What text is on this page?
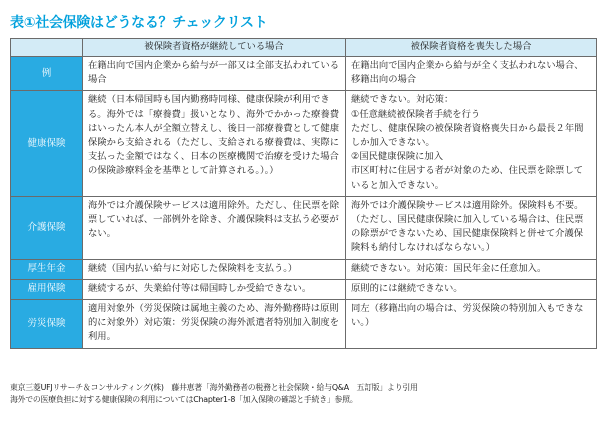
表①社会保険はどうなる？チェックリスト
	被保険者資格が継続している場合	被保険者資格を喪失した場合
例	在籍出向で国内企業から給与が一部又は全部支払われている場合	在籍出向で国内企業から給与が全く支払われない場合、移籍出向の場合
健康保険	継続（日本帰国時も国内勤務時同様、健康保険が利用できる。海外では「療養費」扱いとなり、海外でかかった療養費はいったん本人が全額立替えし、後日一部療養費として健康保険から支給される（ただし、支給される療養費は、実際に支払った金額ではなく、日本の医療機関で治療を受けた場合の保険診療料金を基準として計算される。）。）	継続できない。対応策：
①任意継続被保険者手続を行う
ただし、健康保険の被保険者資格喪失日から最長２年間しか加入できない。
②国民健康保険に加入
市区町村に住居する者が対象のため、住民票を除票していると加入できない。
介護保険	海外では介護保険サービスは適用除外。ただし、住民票を除票していれば、一部例外を除き、介護保険料は支払う必要がない。	海外では介護保険サービスは適用除外。保険料も不要。（ただし、国民健康保険に加入している場合は、住民票の除票ができないため、国民健康保険料と併せて介護保険料も納付しなければならない。）
厚生年金	継続（国内払い給与に対応した保険料を支払う。）	継続できない。対応策：国民年金に任意加入。
雇用保険	継続するが、失業給付等は帰国時しか受給できない。	原則的には継続できない。
労災保険	適用対象外（労災保険は属地主義のため、海外勤務時は原則的に対象外）対応策：労災保険の海外派遣者特別加入制度を利用。	同左（移籍出向の場合は、労災保険の特別加入もできない。）
東京三菱UFJリサーチ＆コンサルティング(株)　藤井恵著「海外勤務者の税務と社会保険・給与Q&A　五訂版」より引用
海外での医療負担に対する健康保険の利用についてはChapter1-8「加入保険の確認と手続き」参照。
